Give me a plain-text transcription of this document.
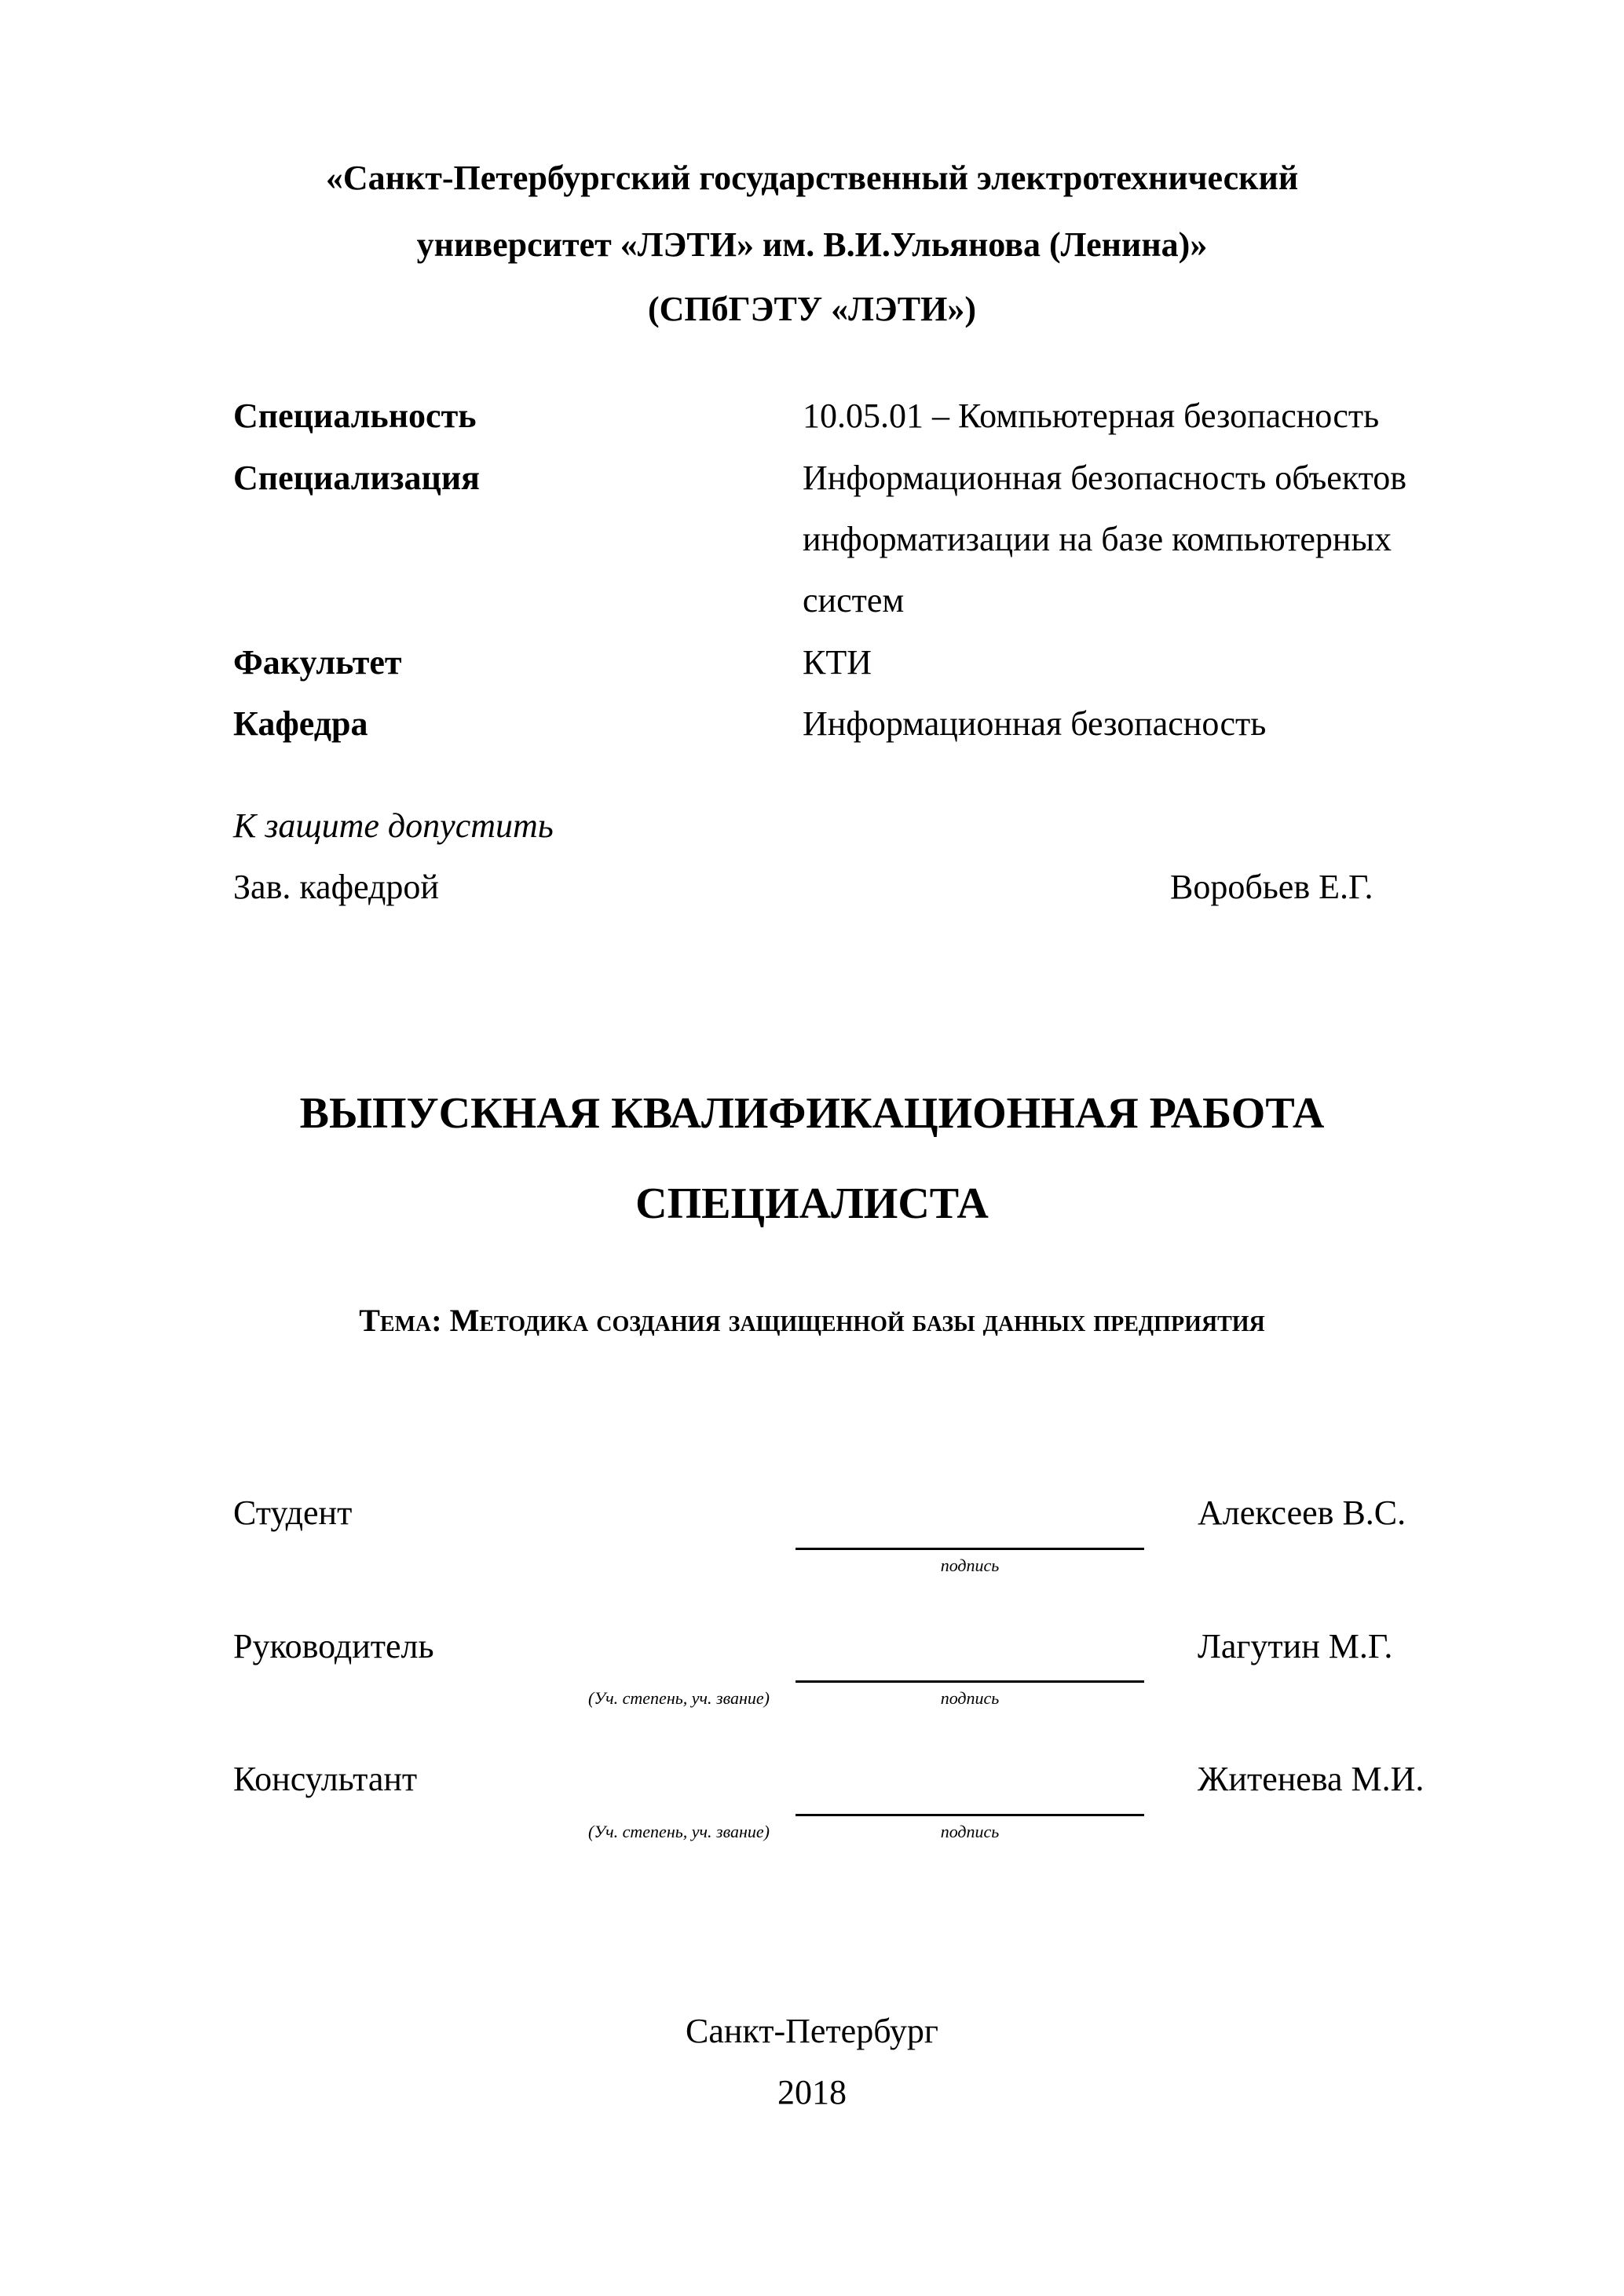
«Санкт-Петербургский государственный электротехнический
университет «ЛЭТИ» им. В.И.Ульянова (Ленина)»
(СПбГЭТУ «ЛЭТИ»)
Специальность	10.05.01 – Компьютерная безопасность
Специализация	Информационная безопасность объектов
информатизации на базе компьютерных
систем
Факультет	КТИ
Кафедра	Информационная безопасность
К защите допустить
Зав. кафедрой	Воробьев Е.Г.
ВЫПУСКНАЯ КВАЛИФИКАЦИОННАЯ РАБОТА
СПЕЦИАЛИСТА
Тема: Методика создания защищенной базы данных предприятия
Студент	Алексеев В.С.
подпись
Руководитель	Лагутин М.Г.
(Уч. степень, уч. звание)	подпись
Консультант	Житенева М.И.
(Уч. степень, уч. звание)	подпись
Санкт-Петербург
2018
